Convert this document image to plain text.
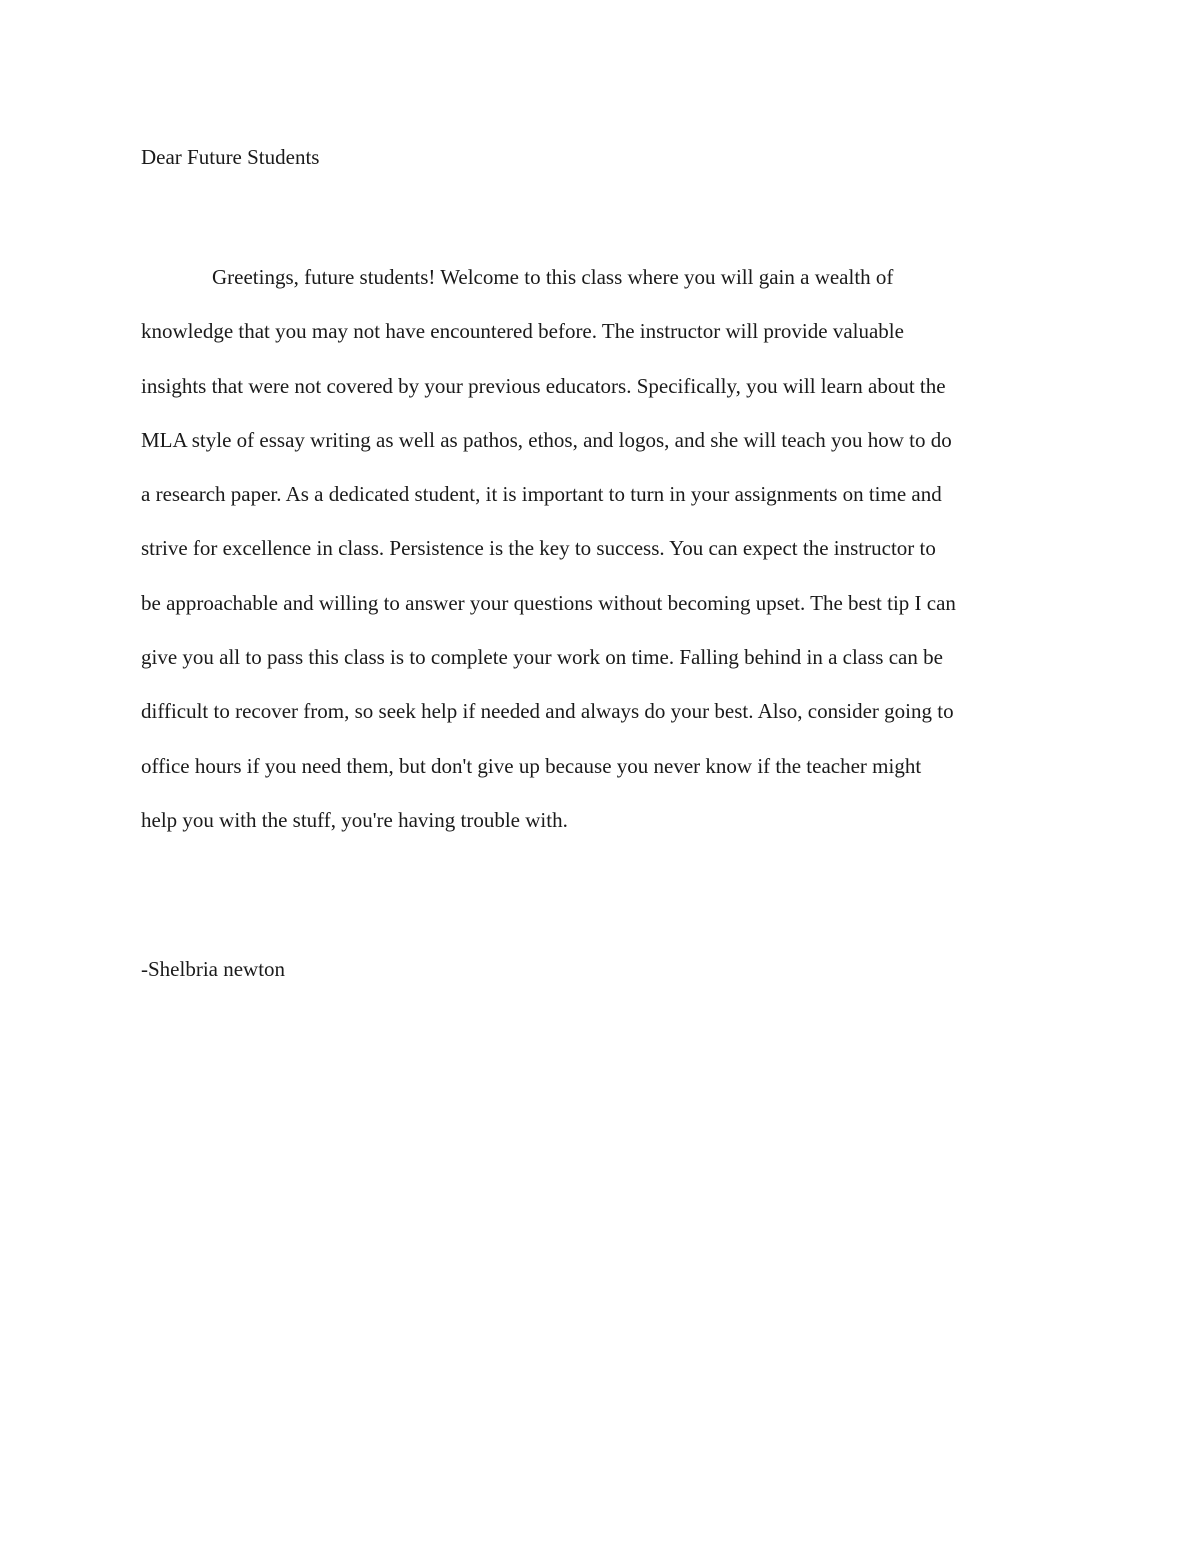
Dear Future Students
Greetings, future students! Welcome to this class where you will gain a wealth of
knowledge that you may not have encountered before. The instructor will provide valuable
insights that were not covered by your previous educators. Specifically, you will learn about the
MLA style of essay writing as well as pathos, ethos, and logos, and she will teach you how to do
a research paper. As a dedicated student, it is important to turn in your assignments on time and
strive for excellence in class. Persistence is the key to success. You can expect the instructor to
be approachable and willing to answer your questions without becoming upset. The best tip I can
give you all to pass this class is to complete your work on time. Falling behind in a class can be
difficult to recover from, so seek help if needed and always do your best. Also, consider going to
office hours if you need them, but don't give up because you never know if the teacher might
help you with the stuff, you're having trouble with.
-Shelbria newton
